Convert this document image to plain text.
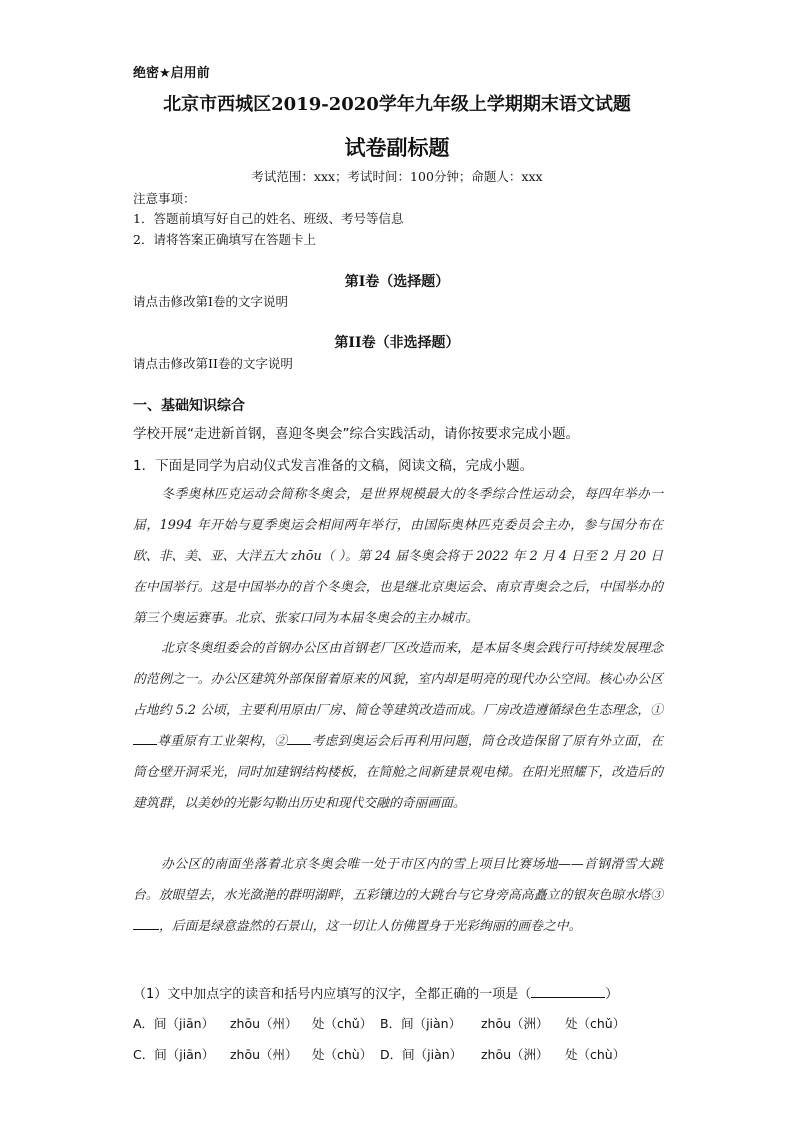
绝密★启用前
北京市西城区2019-2020学年九年级上学期期末语文试题
试卷副标题
考试范围：xxx；考试时间：100分钟；命题人：xxx
注意事项：
1．答题前填写好自己的姓名、班级、考号等信息
2．请将答案正确填写在答题卡上
第I卷（选择题）
请点击修改第I卷的文字说明
第II卷（非选择题）
请点击修改第II卷的文字说明
一、基础知识综合
学校开展“走进新首钢，喜迎冬奥会”综合实践活动，请你按要求完成小题。
1．下面是同学为启动仪式发言准备的文稿，阅读文稿，完成小题。
冬季奥林匹克运动会简称冬奥会，是世界规模最大的冬季综合性运动会，每四年举办一届，1994 年开始与夏季奥运会相间两年举行，由国际奥林匹克委员会主办，参与国分布在欧、非、美、亚、大洋五大 zhōu（ ）。第 24 届冬奥会将于 2022 年 2 月 4 日至 2 月 20 日在中国举行。这是中国举办的首个冬奥会，也是继北京奥运会、南京青奥会之后，中国举办的第三个奥运赛事。北京、张家口同为本届冬奥会的主办城市。
北京冬奥组委会的首钢办公区由首钢老厂区改造而来，是本届冬奥会践行可持续发展理念的范例之一。办公区建筑外部保留着原来的风貌，室内却是明亮的现代办公空间。核心办公区占地约 5.2 公顷，主要利用原由厂房、简仓等建筑改造而成。厂房改造遵循绿色生态理念，①尊重原有工业架构，② 考虑到奥运会后再利用问题，筒仓改造保留了原有外立面，在筒仓壁开洞采光，同时加建钢结构楼板，在简舱之间新建景观电梯。在阳光照耀下，改造后的建筑群，以美妙的光影勾勒出历史和现代交融的奇丽画面。
办公区的南面坐落着北京冬奥会唯一处于市区内的雪上项目比赛场地——首钢滑雪大跳台。放眼望去，水光潋滟的群明湖畔，五彩镶边的大跳台与它身旁高高矗立的银灰色晾水塔③，后面是绿意盎然的石景山，这一切让人仿佛置身于光彩绚丽的画卷之中。
（1）文中加点字的读音和括号内应填写的汉字，全都正确的一项是（	）
A．间（jiān） zhōu（州） 处（chǔ） B．间（jiàn） zhōu（洲） 处（chǔ）
C．间（jiān） zhōu（州） 处（chù） D．间（jiàn） zhōu（洲） 处（chù）
